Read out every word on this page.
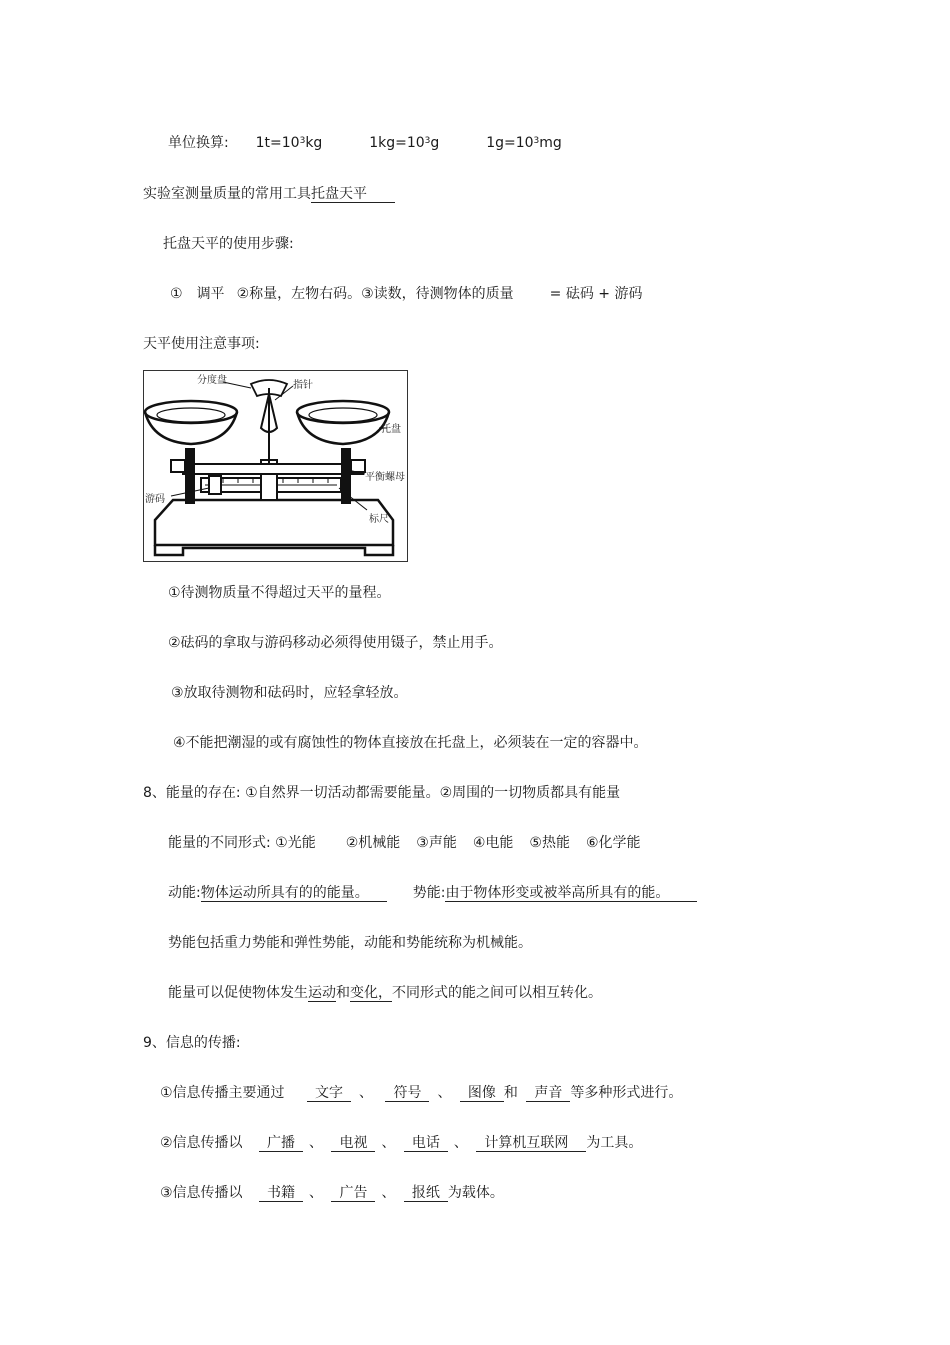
单位换算: $1t=10^3kg$	$1kg=10^3g$	$1g=10^3mg$
实验室测量质量的常用工具托盘天平
托盘天平的使用步骤:
① 调平 ②称量，左物右码。③读数，待测物体的质量	= 砝码 + 游码
天平使用注意事项:
分度盘	指针
托盘
平衡螺母
游码
标尺
①待测物质量不得超过天平的量程。
②砝码的拿取与游码移动必须得使用镊子，禁止用手。
③放取待测物和砝码时，应轻拿轻放。
④不能把潮湿的或有腐蚀性的物体直接放在托盘上，必须装在一定的容器中。
8、能量的存在: ①自然界一切活动都需要能量。②周围的一切物质都具有能量
能量的不同形式: ①光能 ②机械能 ③声能 ④电能 ⑤热能 ⑥化学能
动能:物体运动所具有的的能量。	势能:由于物体形变或被举高所具有的能。
势能包括重力势能和弹性势能，动能和势能统称为机械能。
能量可以促使物体发生运动和变化，不同形式的能之间可以相互转化。
9、信息的传播:
①信息传播主要通过 文字 、 符号 、 图像 和 声音 等多种形式进行。
②信息传播以 广播 、 电视 、 电话 、 计算机互联网 为工具。
③信息传播以 书籍 、 广告 、 报纸 为载体。
